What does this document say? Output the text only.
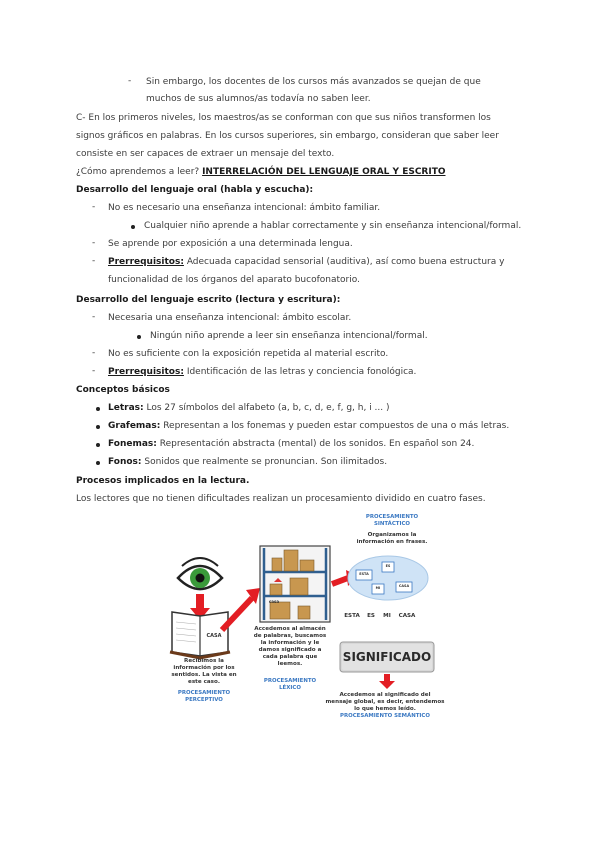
- Sin embargo, los docentes de los cursos más avanzados se quejan de que
muchos de sus alumnos/as todavía no saben leer.
C- En los primeros niveles, los maestros/as se conforman con que sus niños transformen los
signos gráficos en palabras. En los cursos superiores, sin embargo, consideran que saber leer
consiste en ser capaces de extraer un mensaje del texto.
¿Cómo aprendemos a leer? INTERRELACIÓN DEL LENGUAJE ORAL Y ESCRITO
Desarrollo del lenguaje oral (habla y escucha):
- No es necesario una enseñanza intencional: ámbito familiar.
Cualquier niño aprende a hablar correctamente y sin enseñanza intencional/formal.
- Se aprende por exposición a una determinada lengua.
- Prerrequisitos: Adecuada capacidad sensorial (auditiva), así como buena estructura y
funcionalidad de los órganos del aparato bucofonatorio.
Desarrollo del lenguaje escrito (lectura y escritura):
- Necesaria una enseñanza intencional: ámbito escolar.
Ningún niño aprende a leer sin enseñanza intencional/formal.
- No es suficiente con la exposición repetida al material escrito.
- Prerrequisitos: Identificación de las letras y conciencia fonológica.
Conceptos básicos
Letras: Los 27 símbolos del alfabeto (a, b, c, d, e, f, g, h, i ... )
Grafemas: Representan a los fonemas y pueden estar compuestos de una o más letras.
Fonemas: Representación abstracta (mental) de los sonidos. En español son 24.
Fonos: Sonidos que realmente se pronuncian. Son ilimitados.
Procesos implicados en la lectura.
Los lectores que no tienen dificultades realizan un procesamiento dividido en cuatro fases.
CASA
casa
Recibimos la
información por los
sentidos. La vista en
este caso.
PROCESAMIENTO
PERCEPTIVO
Accedemos al almacén
de palabras, buscamos
la información y le
damos significado a
cada palabra que
leemos.
PROCESAMIENTO
LÉXICO
PROCESAMIENTO
SINTÁCTICO
Organizamos la
información en frases.
ESTA
ES
MI	CASA
ESTA	ES	MI	CASA
SIGNIFICADO
Accedemos al significado del
mensaje global, es decir, entendemos
lo que hemos leído.
PROCESAMIENTO SEMÁNTICO
